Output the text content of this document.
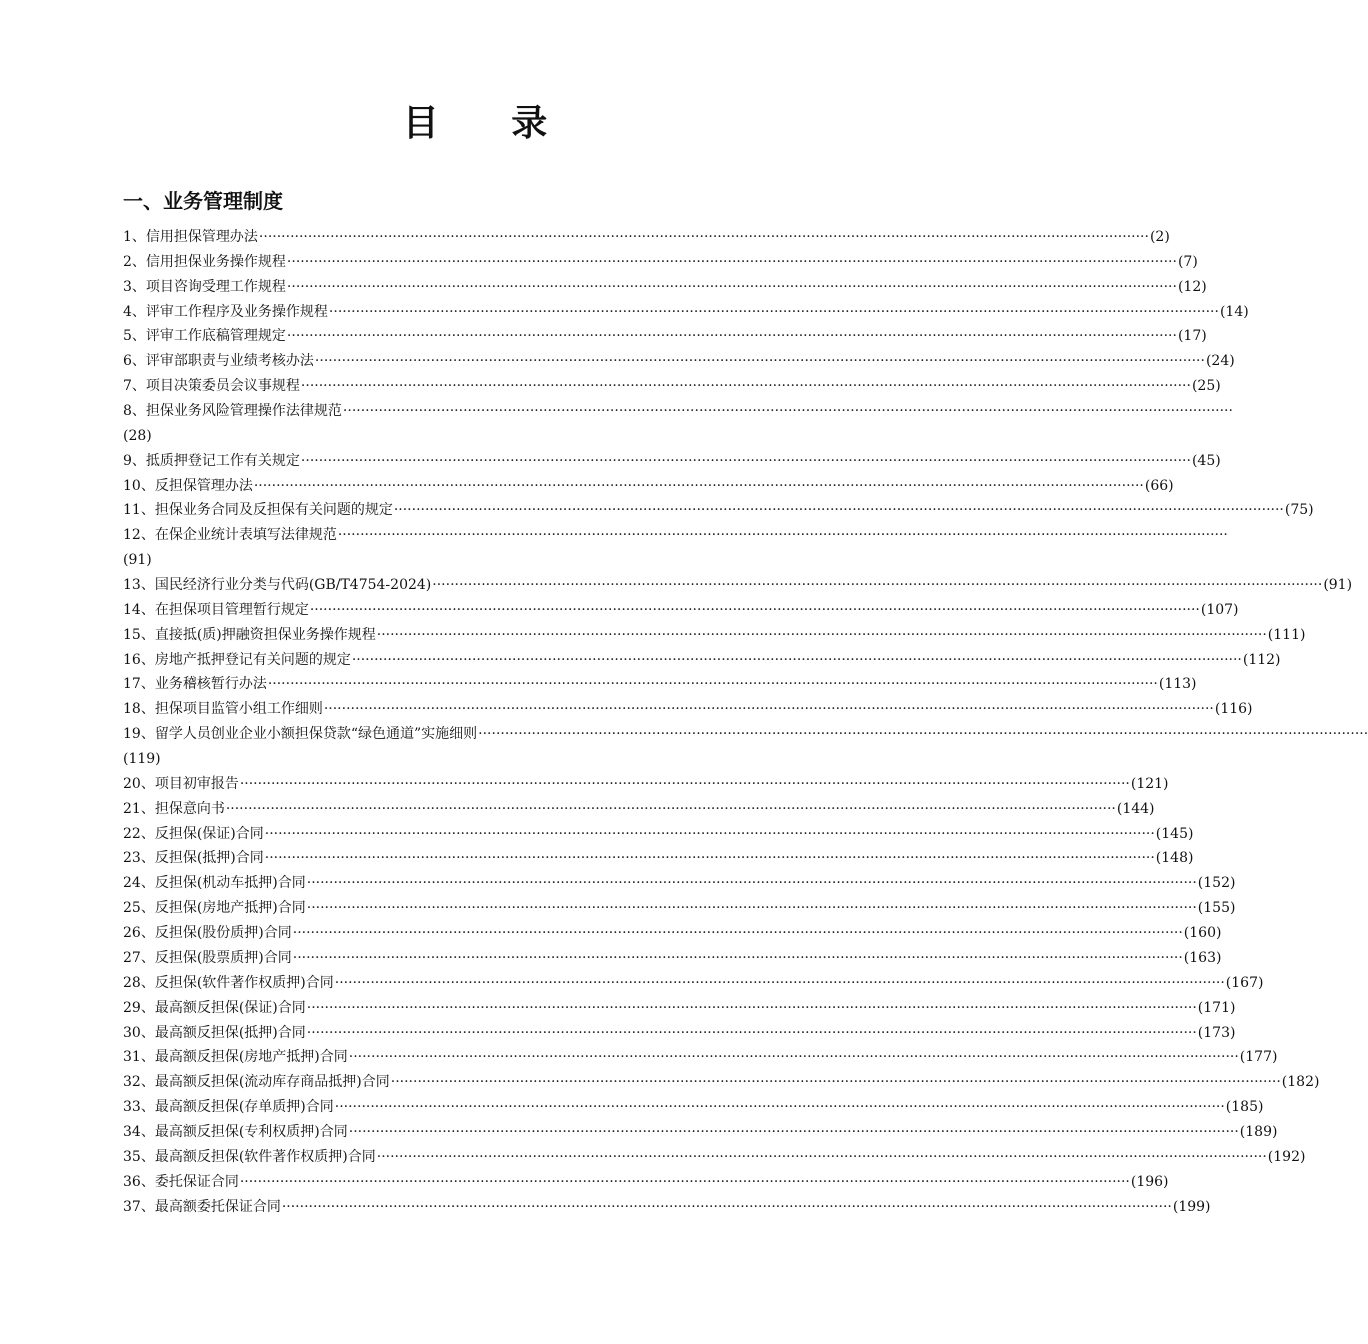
目 录
一、业务管理制度
1、信用担保管理办法 ········································································································································································································ (2)
2、信用担保业务操作规程 ········································································································································································································ (7)
3、项目咨询受理工作规程 ········································································································································································································ (12)
4、评审工作程序及业务操作规程 ········································································································································································································ (14)
5、评审工作底稿管理规定 ········································································································································································································ (17)
6、评审部职责与业绩考核办法 ········································································································································································································ (24)
7、项目决策委员会议事规程 ········································································································································································································ (25)
8、担保业务风险管理操作法律规范 ········································································································································································································
(28)
9、抵质押登记工作有关规定 ········································································································································································································ (45)
10、反担保管理办法 ········································································································································································································ (66)
11、担保业务合同及反担保有关问题的规定 ········································································································································································································ (75)
12、在保企业统计表填写法律规范 ········································································································································································································
(91)
13、国民经济行业分类与代码(GB/T4754-2024) ········································································································································································································ (91)
14、在担保项目管理暂行规定 ········································································································································································································ (107)
15、直接抵(质)押融资担保业务操作规程 ········································································································································································································ (111)
16、房地产抵押登记有关问题的规定 ········································································································································································································ (112)
17、业务稽核暂行办法 ········································································································································································································ (113)
18、担保项目监管小组工作细则 ········································································································································································································ (116)
19、留学人员创业企业小额担保贷款“绿色通道”实施细则 ········································································································································································································
(119)
20、项目初审报告 ········································································································································································································ (121)
21、担保意向书 ········································································································································································································ (144)
22、反担保(保证)合同 ········································································································································································································ (145)
23、反担保(抵押)合同 ········································································································································································································ (148)
24、反担保(机动车抵押)合同 ········································································································································································································ (152)
25、反担保(房地产抵押)合同 ········································································································································································································ (155)
26、反担保(股份质押)合同 ········································································································································································································ (160)
27、反担保(股票质押)合同 ········································································································································································································ (163)
28、反担保(软件著作权质押)合同 ········································································································································································································ (167)
29、最高额反担保(保证)合同 ········································································································································································································ (171)
30、最高额反担保(抵押)合同 ········································································································································································································ (173)
31、最高额反担保(房地产抵押)合同 ········································································································································································································ (177)
32、最高额反担保(流动库存商品抵押)合同 ········································································································································································································ (182)
33、最高额反担保(存单质押)合同 ········································································································································································································ (185)
34、最高额反担保(专利权质押)合同 ········································································································································································································ (189)
35、最高额反担保(软件著作权质押)合同 ········································································································································································································ (192)
36、委托保证合同 ········································································································································································································ (196)
37、最高额委托保证合同 ········································································································································································································ (199)
